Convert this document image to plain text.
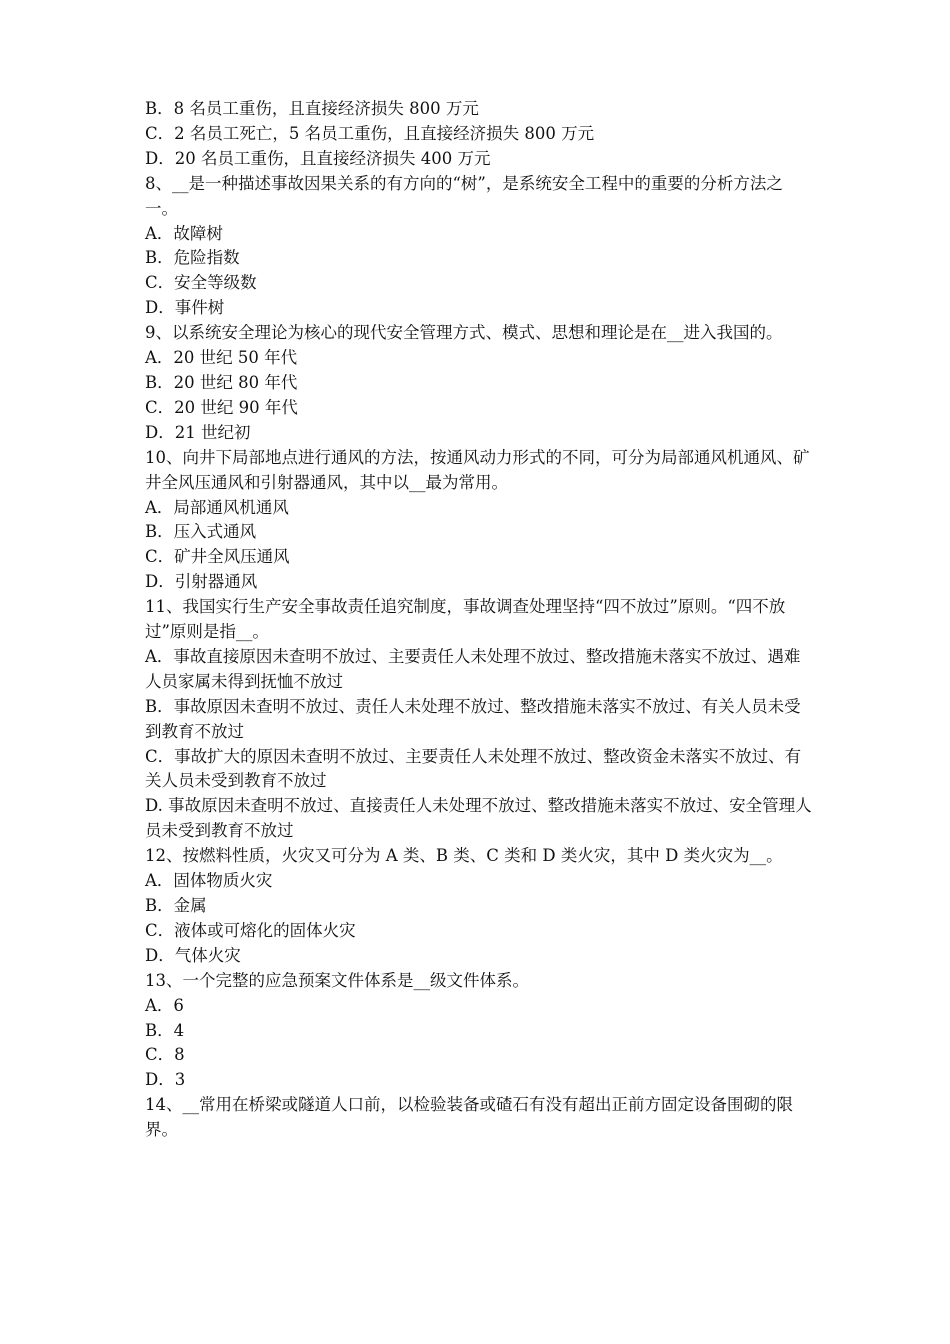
B．8 名员工重伤，且直接经济损失 800 万元

C．2 名员工死亡，5 名员工重伤，且直接经济损失 800 万元

D．20 名员工重伤，且直接经济损失 400 万元

8、__是一种描述事故因果关系的有方向的“树”，是系统安全工程中的重要的分析方法之一。

A．故障树

B．危险指数

C．安全等级数

D．事件树

9、以系统安全理论为核心的现代安全管理方式、模式、思想和理论是在__进入我国的。

A．20 世纪 50 年代

B．20 世纪 80 年代

C．20 世纪 90 年代

D．21 世纪初

10、向井下局部地点进行通风的方法，按通风动力形式的不同，可分为局部通风机通风、矿井全风压通风和引射器通风，其中以__最为常用。

A．局部通风机通风

B．压入式通风

C．矿井全风压通风

D．引射器通风

11、我国实行生产安全事故责任追究制度，事故调查处理坚持“四不放过”原则。“四不放过”原则是指__。

A．事故直接原因未查明不放过、主要责任人未处理不放过、整改措施未落实不放过、遇难人员家属未得到抚恤不放过

B．事故原因未查明不放过、责任人未处理不放过、整改措施未落实不放过、有关人员未受到教育不放过

C．事故扩大的原因未查明不放过、主要责任人未处理不放过、整改资金未落实不放过、有关人员未受到教育不放过

D. 事故原因未查明不放过、直接责任人未处理不放过、整改措施未落实不放过、安全管理人员未受到教育不放过

12、按燃料性质，火灾又可分为 A 类、B 类、C 类和 D 类火灾，其中 D 类火灾为__。

A．固体物质火灾

B．金属

C．液体或可熔化的固体火灾

D．气体火灾

13、一个完整的应急预案文件体系是__级文件体系。

A．6

B．4

C．8

D．3

14、__常用在桥梁或隧道人口前，以检验装备或碴石有没有超出正前方固定设备围砌的限界。
